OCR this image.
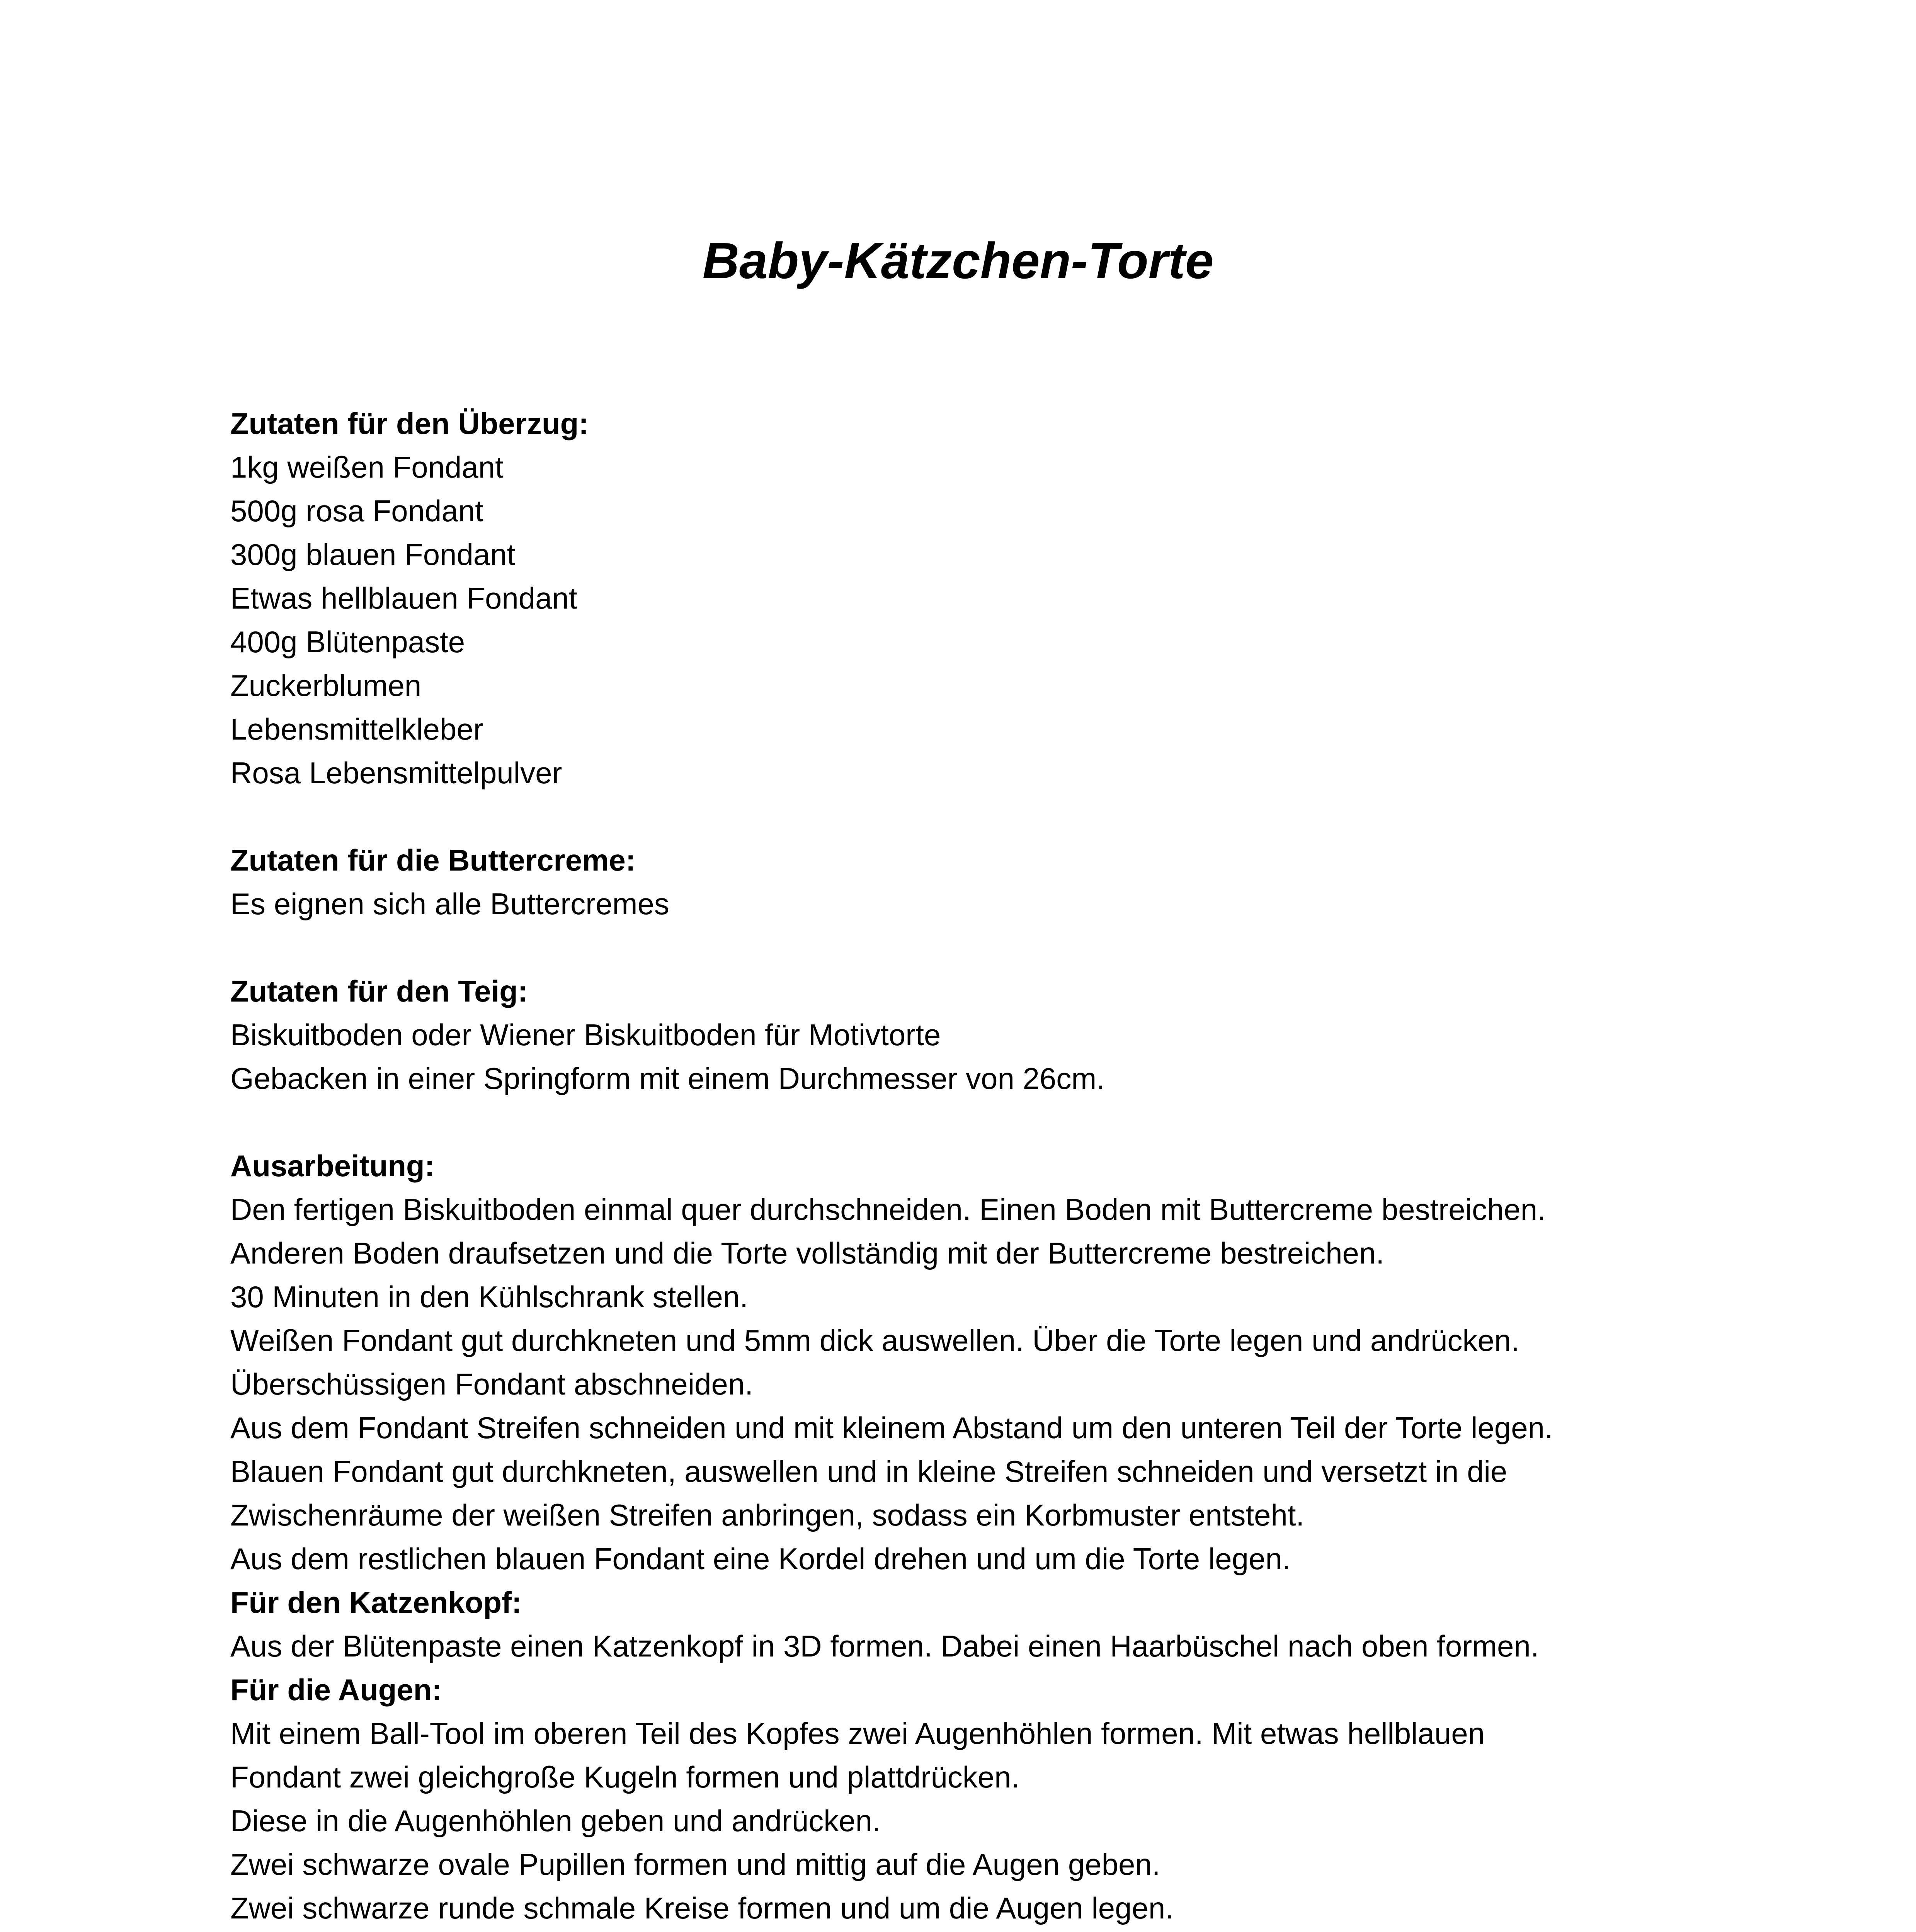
Baby-Kätzchen-Torte
Zutaten für den Überzug:
1kg weißen Fondant
500g rosa Fondant
300g blauen Fondant
Etwas hellblauen Fondant
400g Blütenpaste
Zuckerblumen
Lebensmittelkleber
Rosa Lebensmittelpulver
Zutaten für die Buttercreme:
Es eignen sich alle Buttercremes
Zutaten für den Teig:
Biskuitboden oder Wiener Biskuitboden für Motivtorte
Gebacken in einer Springform mit einem Durchmesser von 26cm.
Ausarbeitung:
Den fertigen Biskuitboden einmal quer durchschneiden. Einen Boden mit Buttercreme bestreichen.
Anderen Boden draufsetzen und die Torte vollständig mit der Buttercreme bestreichen.
30 Minuten in den Kühlschrank stellen.
Weißen Fondant gut durchkneten und 5mm dick auswellen. Über die Torte legen und andrücken.
Überschüssigen Fondant abschneiden.
Aus dem Fondant Streifen schneiden und mit kleinem Abstand um den unteren Teil der Torte legen.
Blauen Fondant gut durchkneten, auswellen und in kleine Streifen schneiden und versetzt in die
Zwischenräume der weißen Streifen anbringen, sodass ein Korbmuster entsteht.
Aus dem restlichen blauen Fondant eine Kordel drehen und um die Torte legen.
Für den Katzenkopf:
Aus der Blütenpaste einen Katzenkopf in 3D formen. Dabei einen Haarbüschel nach oben formen.
Für die Augen:
Mit einem Ball-Tool im oberen Teil des Kopfes zwei Augenhöhlen formen. Mit etwas hellblauen
Fondant zwei gleichgroße Kugeln formen und plattdrücken.
Diese in die Augenhöhlen geben und andrücken.
Zwei schwarze ovale Pupillen formen und mittig auf die Augen geben.
Zwei schwarze runde schmale Kreise formen und um die Augen legen.
